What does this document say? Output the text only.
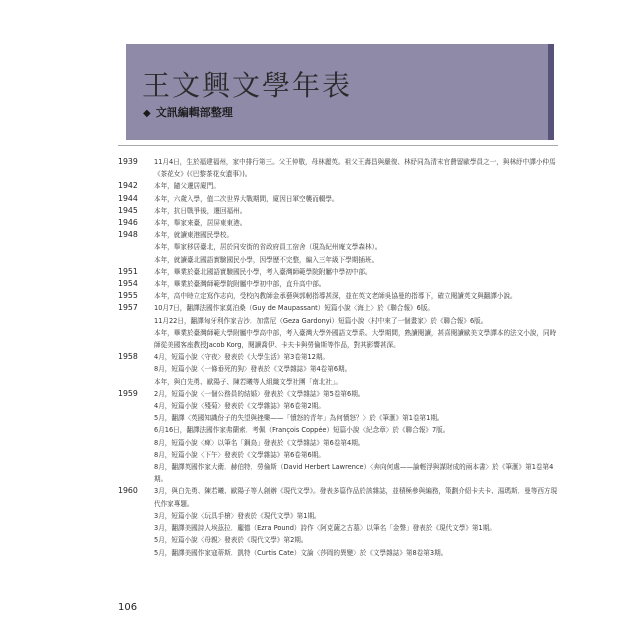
王文興文學年表
◆ 文訊編輯部整理
1939	11月4日，生於福建福州，家中排行第三。父王仲敬，母林麗英。祖父王壽昌與嚴復、林紓同為清末官費留歐學員之一，與林紓中譯小仲馬《茶花女》(《巴黎茶花女遺事》)。
1942	本年，隨父遷居廈門。
1944	本年，六歲入學，值二次世界大戰期間，廈因日軍空襲而輟學。
1945	本年，抗日戰爭後，遷回福州。
1946	本年，舉家來臺，居屏東東港。
1948	本年，就讀東港國民學校。
本年，舉家移居臺北，居於同安街的省政府員工宿舍（現為紀州庵文學森林）。
本年，就讀臺北國語實驗國民小學，因學歷不完整，編入三年級下學期插班。
1951	本年，畢業於臺北國語實驗國民小學，考入臺灣師範學院附屬中學初中部。
1954	本年，畢業於臺灣師範學院附屬中學初中部，直升高中部。
1955	本年，高中時立定寫作志向，受校內教師金承藝與郭軔指導甚深，並在英文老師吳協曼的指導下，確立閱讀英文與翻譯小說。
1957	10月7日，翻譯法國作家莫泊桑（Guy de Maupassant）短篇小說〈海上〉於《聯合報》6版。
11月22日，翻譯匈牙利作家吉沙．加當尼（Geza Gardonyi）短篇小說〈村中來了一個畫家〉於《聯合報》6版。
本年，畢業於臺灣師範大學附屬中學高中部，考入臺灣大學外國語文學系。大學期間，熟讀閱讀，甚喜閱讀歐美文學譯本的法文小說，同時師從美國客座教授Jacob Korg，閱讀喬伊、卡夫卡與勞倫斯等作品，對其影響甚深。
1958	4月，短篇小說〈守夜〉發表於《大學生活》第3卷第12期。
8月，短篇小說〈一條垂死的狗〉發表於《文學雜誌》第4卷第6期。
本年，與白先勇、歐陽子、陳若曦等人組織文學社團「南北社」。
1959	2月，短篇小說〈一個公務員的結婚〉發表於《文學雜誌》第5卷第6期。
4月，短篇小說〈殘菊〉發表於《文學雜誌》第6卷第2期。
5月，翻譯〈英國知識份子的失望與挫樂——「憤怒的青年」為何憤怒？〉於《筆滙》第1卷第1期。
6月16日，翻譯法國作家弗蘭索．考佩（François Coppée）短篇小說〈紀念章〉於《聯合報》7版。
8月，短篇小說〈痺〉以筆名「鋼鳥」發表於《文學雜誌》第6卷第4期。
8月，短篇小說〈下午〉發表於《文學雜誌》第6卷第6期。
8月，翻譯英國作家大衛．赫伯特．勞倫斯（David Herbert Lawrence）〈奔向何處——論輕浮與謀財成的兩本書〉於《筆滙》第1卷第4期。
1960	3月，與白先勇、陳若曦、歐陽子等人創辦《現代文學》。發表多篇作品於該雜誌，並積極參與編務，策劃介紹卡夫卡、湯瑪斯．曼等西方現代作家專題。
3月，短篇小說〈玩具手槍〉發表於《現代文學》第1期。
3月，翻譯美國詩人埃茲拉．龐德（Ezra Pound）詩作〈阿克薩之古墓〉以筆名「金聲」發表於《現代文學》第1期。
5月，短篇小說〈母親〉發表於《現代文學》第2期。
5月，翻譯美國作家寇蒂斯．凱特（Curtis Cate）文論〈莎岡的異變〉於《文學雜誌》第8卷第3期。
106
